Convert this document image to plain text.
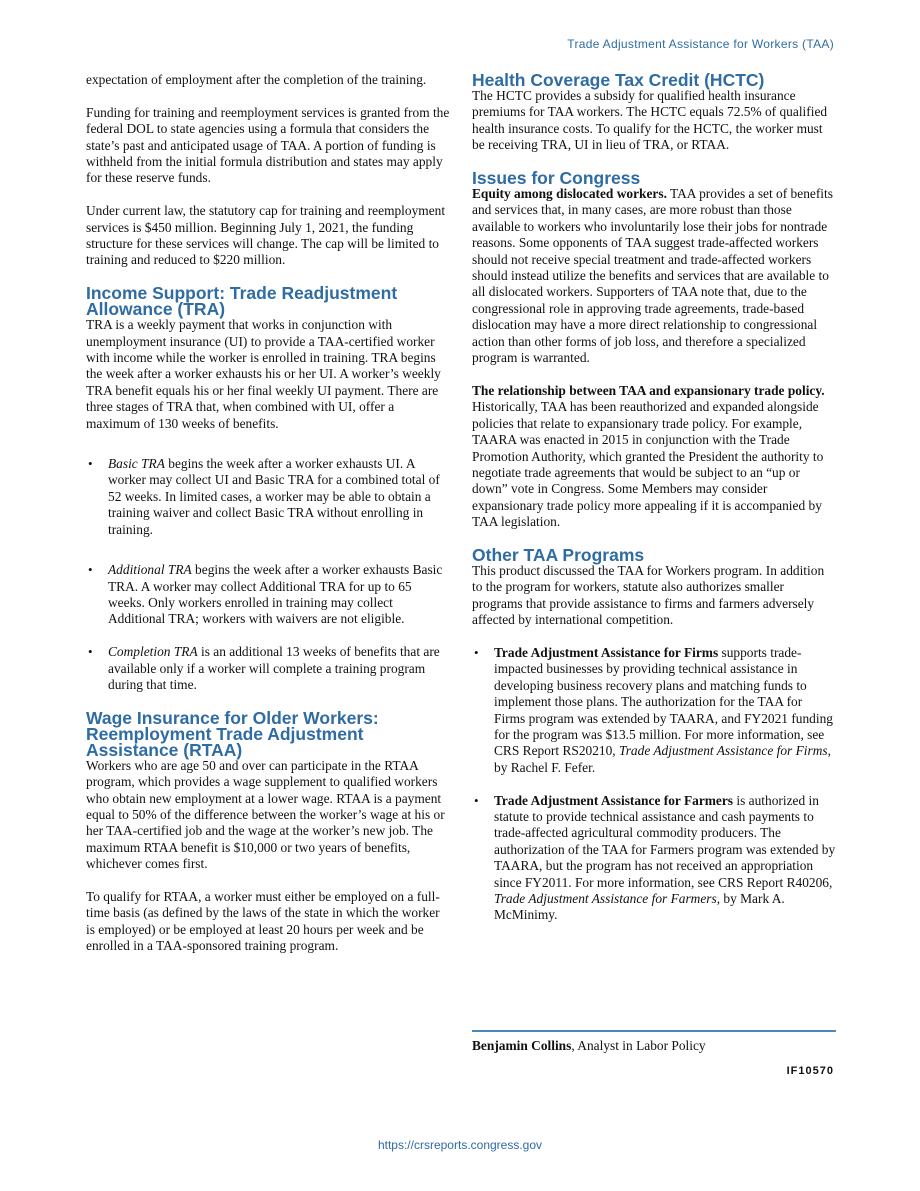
Trade Adjustment Assistance for Workers (TAA)

expectation of employment after the completion of the training.

Funding for training and reemployment services is granted from the federal DOL to state agencies using a formula that considers the state’s past and anticipated usage of TAA. A portion of funding is withheld from the initial formula distribution and states may apply for these reserve funds.

Under current law, the statutory cap for training and reemployment services is $450 million. Beginning July 1, 2021, the funding structure for these services will change. The cap will be limited to training and reduced to $220 million.

Income Support: Trade Readjustment Allowance (TRA)

TRA is a weekly payment that works in conjunction with unemployment insurance (UI) to provide a TAA-certified worker with income while the worker is enrolled in training. TRA begins the week after a worker exhausts his or her UI. A worker’s weekly TRA benefit equals his or her final weekly UI payment. There are three stages of TRA that, when combined with UI, offer a maximum of 130 weeks of benefits.

• Basic TRA begins the week after a worker exhausts UI. A worker may collect UI and Basic TRA for a combined total of 52 weeks. In limited cases, a worker may be able to obtain a training waiver and collect Basic TRA without enrolling in training.
• Additional TRA begins the week after a worker exhausts Basic TRA. A worker may collect Additional TRA for up to 65 weeks. Only workers enrolled in training may collect Additional TRA; workers with waivers are not eligible.
• Completion TRA is an additional 13 weeks of benefits that are available only if a worker will complete a training program during that time.
Wage Insurance for Older Workers: Reemployment Trade Adjustment Assistance (RTAA)

Workers who are age 50 and over can participate in the RTAA program, which provides a wage supplement to qualified workers who obtain new employment at a lower wage. RTAA is a payment equal to 50% of the difference between the worker’s wage at his or her TAA-certified job and the wage at the worker’s new job. The maximum RTAA benefit is $10,000 or two years of benefits, whichever comes first.

To qualify for RTAA, a worker must either be employed on a full-time basis (as defined by the laws of the state in which the worker is employed) or be employed at least 20 hours per week and be enrolled in a TAA-sponsored training program.

Health Coverage Tax Credit (HCTC)

The HCTC provides a subsidy for qualified health insurance premiums for TAA workers. The HCTC equals 72.5% of qualified health insurance costs. To qualify for the HCTC, the worker must be receiving TRA, UI in lieu of TRA, or RTAA.

Issues for Congress

Equity among dislocated workers. TAA provides a set of benefits and services that, in many cases, are more robust than those available to workers who involuntarily lose their jobs for nontrade reasons. Some opponents of TAA suggest trade-affected workers should not receive special treatment and trade-affected workers should instead utilize the benefits and services that are available to all dislocated workers. Supporters of TAA note that, due to the congressional role in approving trade agreements, trade-based dislocation may have a more direct relationship to congressional action than other forms of job loss, and therefore a specialized program is warranted.

The relationship between TAA and expansionary trade policy. Historically, TAA has been reauthorized and expanded alongside policies that relate to expansionary trade policy. For example, TAARA was enacted in 2015 in conjunction with the Trade Promotion Authority, which granted the President the authority to negotiate trade agreements that would be subject to an “up or down” vote in Congress. Some Members may consider expansionary trade policy more appealing if it is accompanied by TAA legislation.

Other TAA Programs

This product discussed the TAA for Workers program. In addition to the program for workers, statute also authorizes smaller programs that provide assistance to firms and farmers adversely affected by international competition.

• Trade Adjustment Assistance for Firms supports trade-impacted businesses by providing technical assistance in developing business recovery plans and matching funds to implement those plans. The authorization for the TAA for Firms program was extended by TAARA, and FY2021 funding for the program was $13.5 million. For more information, see CRS Report RS20210, Trade Adjustment Assistance for Firms, by Rachel F. Fefer.
• Trade Adjustment Assistance for Farmers is authorized in statute to provide technical assistance and cash payments to trade-affected agricultural commodity producers. The authorization of the TAA for Farmers program was extended by TAARA, but the program has not received an appropriation since FY2011. For more information, see CRS Report R40206, Trade Adjustment Assistance for Farmers, by Mark A. McMinimy.
Benjamin Collins, Analyst in Labor Policy
IF10570
https://crsreports.congress.gov
